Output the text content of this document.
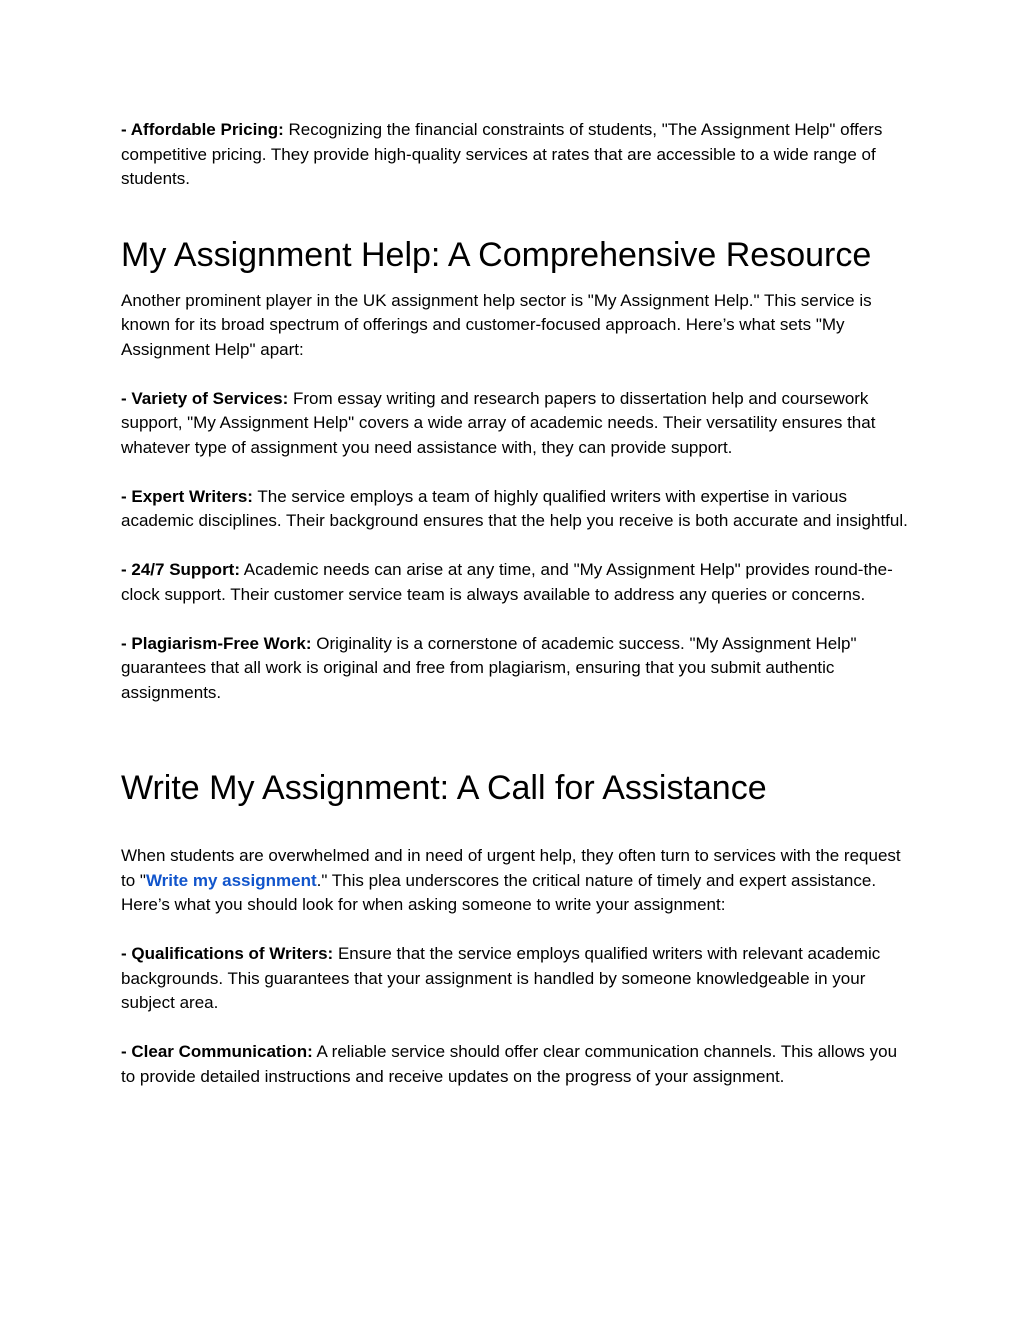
- Affordable Pricing: Recognizing the financial constraints of students, "The Assignment Help" offers competitive pricing. They provide high-quality services at rates that are accessible to a wide range of students.

My Assignment Help: A Comprehensive Resource

Another prominent player in the UK assignment help sector is "My Assignment Help." This service is known for its broad spectrum of offerings and customer-focused approach. Here’s what sets "My Assignment Help" apart:

- Variety of Services: From essay writing and research papers to dissertation help and coursework support, "My Assignment Help" covers a wide array of academic needs. Their versatility ensures that whatever type of assignment you need assistance with, they can provide support.

- Expert Writers: The service employs a team of highly qualified writers with expertise in various academic disciplines. Their background ensures that the help you receive is both accurate and insightful.

- 24/7 Support: Academic needs can arise at any time, and "My Assignment Help" provides round-the-clock support. Their customer service team is always available to address any queries or concerns.

- Plagiarism-Free Work: Originality is a cornerstone of academic success. "My Assignment Help" guarantees that all work is original and free from plagiarism, ensuring that you submit authentic assignments.

Write My Assignment: A Call for Assistance

When students are overwhelmed and in need of urgent help, they often turn to services with the request to "Write my assignment." This plea underscores the critical nature of timely and expert assistance. Here’s what you should look for when asking someone to write your assignment:

- Qualifications of Writers: Ensure that the service employs qualified writers with relevant academic backgrounds. This guarantees that your assignment is handled by someone knowledgeable in your subject area.

- Clear Communication: A reliable service should offer clear communication channels. This allows you to provide detailed instructions and receive updates on the progress of your assignment.
